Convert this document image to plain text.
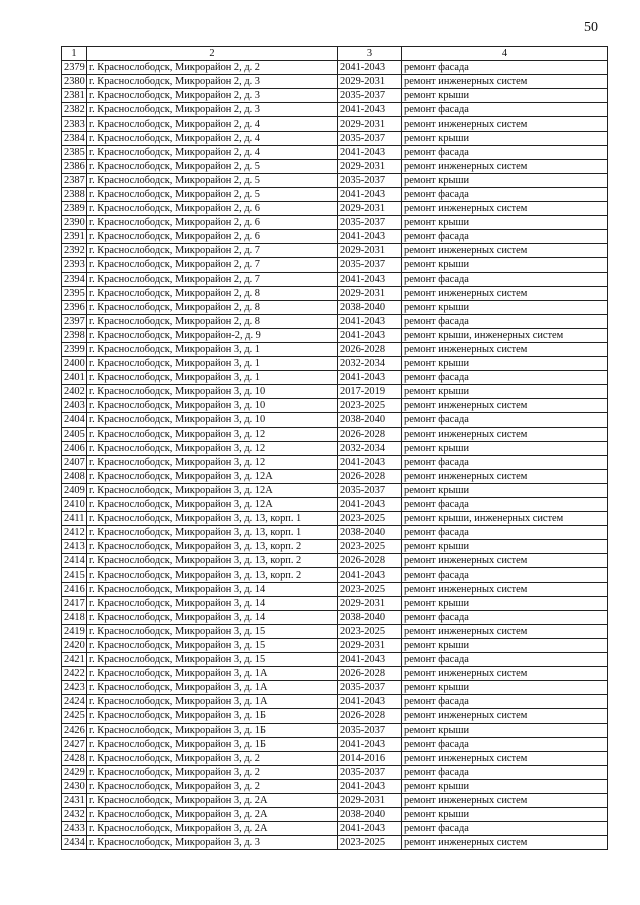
50
1	2	3	4
2379	г. Краснослободск, Микрорайон 2, д. 2	2041-2043	ремонт фасада
2380	г. Краснослободск, Микрорайон 2, д. 3	2029-2031	ремонт инженерных систем
2381	г. Краснослободск, Микрорайон 2, д. 3	2035-2037	ремонт крыши
2382	г. Краснослободск, Микрорайон 2, д. 3	2041-2043	ремонт фасада
2383	г. Краснослободск, Микрорайон 2, д. 4	2029-2031	ремонт инженерных систем
2384	г. Краснослободск, Микрорайон 2, д. 4	2035-2037	ремонт крыши
2385	г. Краснослободск, Микрорайон 2, д. 4	2041-2043	ремонт фасада
2386	г. Краснослободск, Микрорайон 2, д. 5	2029-2031	ремонт инженерных систем
2387	г. Краснослободск, Микрорайон 2, д. 5	2035-2037	ремонт крыши
2388	г. Краснослободск, Микрорайон 2, д. 5	2041-2043	ремонт фасада
2389	г. Краснослободск, Микрорайон 2, д. 6	2029-2031	ремонт инженерных систем
2390	г. Краснослободск, Микрорайон 2, д. 6	2035-2037	ремонт крыши
2391	г. Краснослободск, Микрорайон 2, д. 6	2041-2043	ремонт фасада
2392	г. Краснослободск, Микрорайон 2, д. 7	2029-2031	ремонт инженерных систем
2393	г. Краснослободск, Микрорайон 2, д. 7	2035-2037	ремонт крыши
2394	г. Краснослободск, Микрорайон 2, д. 7	2041-2043	ремонт фасада
2395	г. Краснослободск, Микрорайон 2, д. 8	2029-2031	ремонт инженерных систем
2396	г. Краснослободск, Микрорайон 2, д. 8	2038-2040	ремонт крыши
2397	г. Краснослободск, Микрорайон 2, д. 8	2041-2043	ремонт фасада
2398	г. Краснослободск, Микрорайон-2, д. 9	2041-2043	ремонт крыши, инженерных систем
2399	г. Краснослободск, Микрорайон 3, д. 1	2026-2028	ремонт инженерных систем
2400	г. Краснослободск, Микрорайон 3, д. 1	2032-2034	ремонт крыши
2401	г. Краснослободск, Микрорайон 3, д. 1	2041-2043	ремонт фасада
2402	г. Краснослободск, Микрорайон 3, д. 10	2017-2019	ремонт крыши
2403	г. Краснослободск, Микрорайон 3, д. 10	2023-2025	ремонт инженерных систем
2404	г. Краснослободск, Микрорайон 3, д. 10	2038-2040	ремонт фасада
2405	г. Краснослободск, Микрорайон 3, д. 12	2026-2028	ремонт инженерных систем
2406	г. Краснослободск, Микрорайон 3, д. 12	2032-2034	ремонт крыши
2407	г. Краснослободск, Микрорайон 3, д. 12	2041-2043	ремонт фасада
2408	г. Краснослободск, Микрорайон 3, д. 12А	2026-2028	ремонт инженерных систем
2409	г. Краснослободск, Микрорайон 3, д. 12А	2035-2037	ремонт крыши
2410	г. Краснослободск, Микрорайон 3, д. 12А	2041-2043	ремонт фасада
2411	г. Краснослободск, Микрорайон 3, д. 13, корп. 1	2023-2025	ремонт крыши, инженерных систем
2412	г. Краснослободск, Микрорайон 3, д. 13, корп. 1	2038-2040	ремонт фасада
2413	г. Краснослободск, Микрорайон 3, д. 13, корп. 2	2023-2025	ремонт крыши
2414	г. Краснослободск, Микрорайон 3, д. 13, корп. 2	2026-2028	ремонт инженерных систем
2415	г. Краснослободск, Микрорайон 3, д. 13, корп. 2	2041-2043	ремонт фасада
2416	г. Краснослободск, Микрорайон 3, д. 14	2023-2025	ремонт инженерных систем
2417	г. Краснослободск, Микрорайон 3, д. 14	2029-2031	ремонт крыши
2418	г. Краснослободск, Микрорайон 3, д. 14	2038-2040	ремонт фасада
2419	г. Краснослободск, Микрорайон 3, д. 15	2023-2025	ремонт инженерных систем
2420	г. Краснослободск, Микрорайон 3, д. 15	2029-2031	ремонт крыши
2421	г. Краснослободск, Микрорайон 3, д. 15	2041-2043	ремонт фасада
2422	г. Краснослободск, Микрорайон 3, д. 1А	2026-2028	ремонт инженерных систем
2423	г. Краснослободск, Микрорайон 3, д. 1А	2035-2037	ремонт крыши
2424	г. Краснослободск, Микрорайон 3, д. 1А	2041-2043	ремонт фасада
2425	г. Краснослободск, Микрорайон 3, д. 1Б	2026-2028	ремонт инженерных систем
2426	г. Краснослободск, Микрорайон 3, д. 1Б	2035-2037	ремонт крыши
2427	г. Краснослободск, Микрорайон 3, д. 1Б	2041-2043	ремонт фасада
2428	г. Краснослободск, Микрорайон 3, д. 2	2014-2016	ремонт инженерных систем
2429	г. Краснослободск, Микрорайон 3, д. 2	2035-2037	ремонт фасада
2430	г. Краснослободск, Микрорайон 3, д. 2	2041-2043	ремонт крыши
2431	г. Краснослободск, Микрорайон 3, д. 2А	2029-2031	ремонт инженерных систем
2432	г. Краснослободск, Микрорайон 3, д. 2А	2038-2040	ремонт крыши
2433	г. Краснослободск, Микрорайон 3, д. 2А	2041-2043	ремонт фасада
2434	г. Краснослободск, Микрорайон 3, д. 3	2023-2025	ремонт инженерных систем
